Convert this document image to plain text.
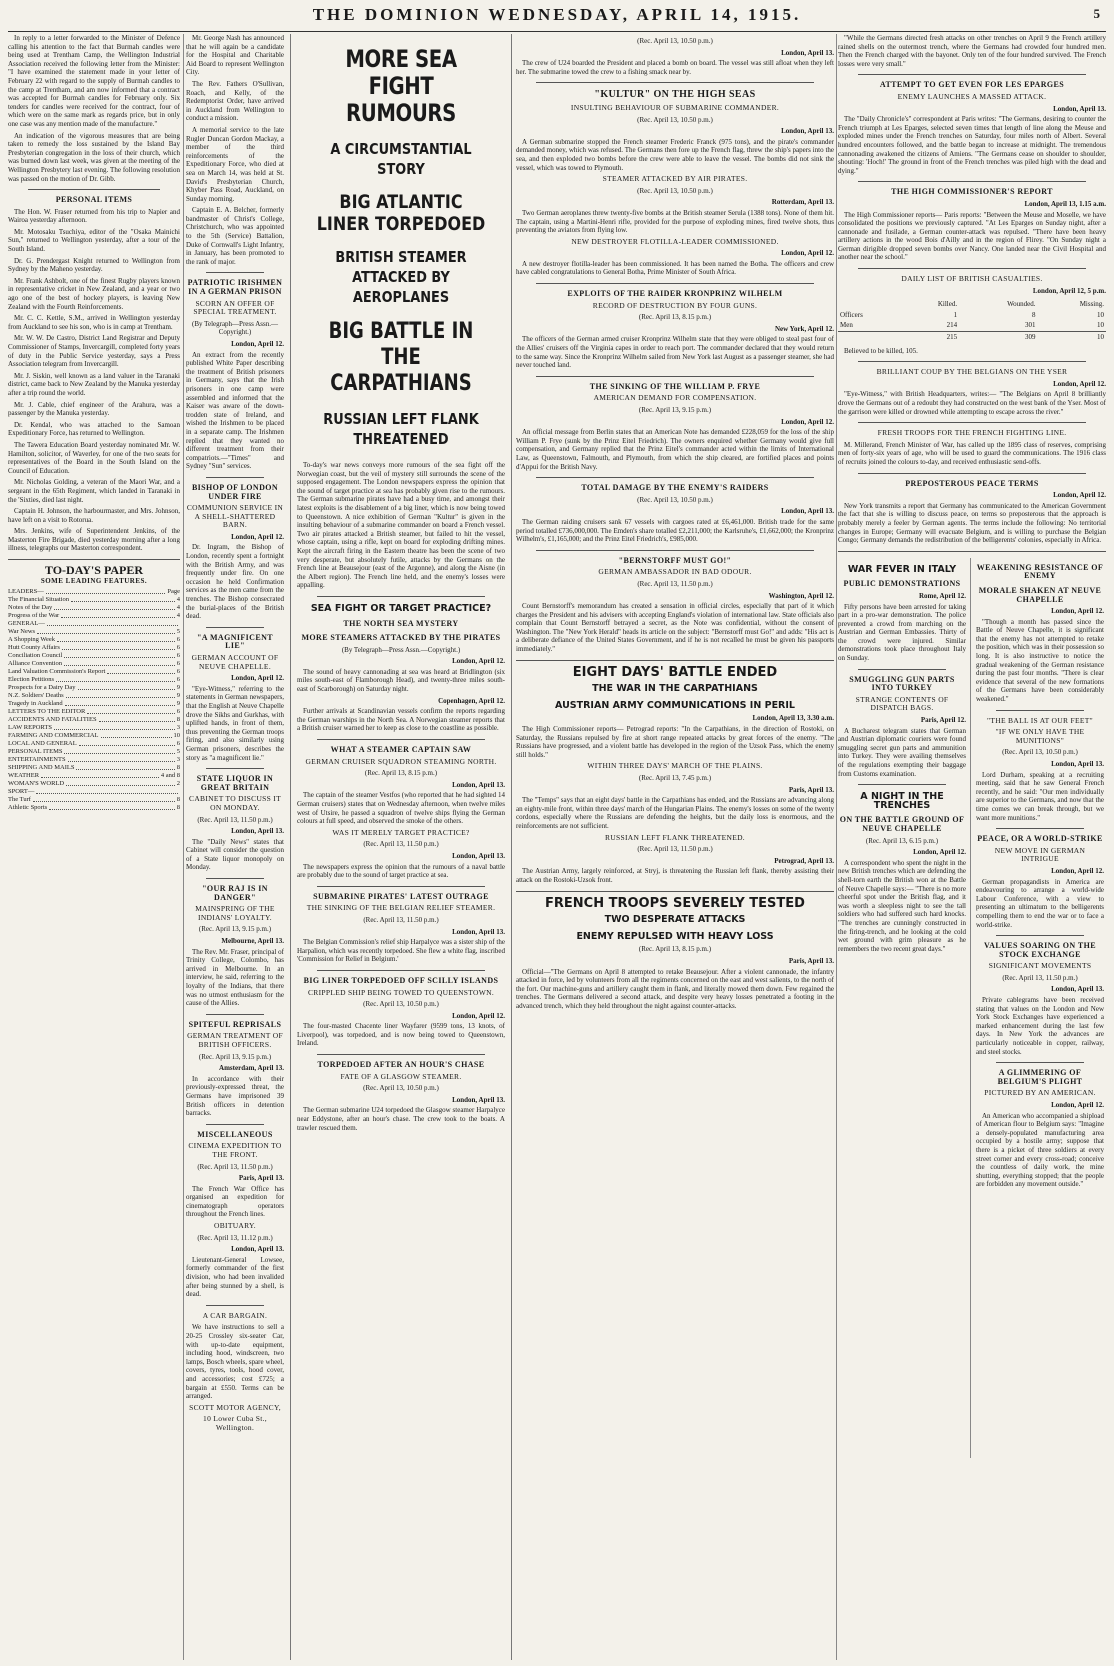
THE DOMINION WEDNESDAY, APRIL 14, 1915.	5

In reply to a letter forwarded to the Minister of Defence calling his attention to the fact that Burmah candles were being used at Trentham Camp, the Wellington Industrial Association received the following letter from the Minister: "I have examined the statement made in your letter of February 22 with regard to the supply of Burmah candles to the camp at Trentham, and am now informed that a contract was accepted for Burmah candles for February only. Six tenders for candles were received for the contract, four of which were on the same mark as regards price, but in only one case was any mention made of the manufacture."

An indication of the vigorous measures that are being taken to remedy the loss sustained by the Island Bay Presbyterian congregation in the loss of their church, which was burned down last week, was given at the meeting of the Wellington Presbytery last evening. The following resolution was passed on the motion of Dr. Gibb.

PERSONAL ITEMS

The Hon. W. Fraser returned from his trip to Napier and Wairoa yesterday afternoon.

Mr. Motosaku Tsuchiya, editor of the "Osaka Mainichi Sun," returned to Wellington yesterday, after a tour of the South Island.

Dr. G. Prendergast Knight returned to Wellington from Sydney by the Maheno yesterday.

Mr. Frank Ashbolt, one of the finest Rugby players known in representative cricket in New Zealand, and a year or two ago one of the best of hockey players, is leaving New Zealand with the Fourth Reinforcements.

Mr. C. C. Kettle, S.M., arrived in Wellington yesterday from Auckland to see his son, who is in camp at Trentham.

Mr. W. W. De Castro, District Land Registrar and Deputy Commissioner of Stamps, Invercargill, completed forty years of duty in the Public Service yesterday, says a Press Association telegram from Invercargill.

Mr. J. Siskin, well known as a land valuer in the Taranaki district, came back to New Zealand by the Manuka yesterday after a trip round the world.

Mr. J. Cable, chief engineer of the Arahura, was a passenger by the Manuka yesterday.

Dr. Kendal, who was attached to the Samoan Expeditionary Force, has returned to Wellington.

The Tawera Education Board yesterday nominated Mr. W. Hamilton, solicitor, of Waverley, for one of the two seats for representatives of the Board in the South Island on the Council of Education.

Mr. Nicholas Golding, a veteran of the Maori War, and a sergeant in the 65th Regiment, which landed in Taranaki in the 'Sixties, died last night.

Captain H. Johnson, the harbourmaster, and Mrs. Johnson, have left on a visit to Rotorua.

Mrs. Jenkins, wife of Superintendent Jenkins, of the Masterton Fire Brigade, died yesterday morning after a long illness, telegraphs our Masterton correspondent.

TO-DAY'S PAPER
SOME LEADING FEATURES.
LEADERS—	Page
The Financial Situation	4
Notes of the Day	4
Progress of the War	4
GENERAL—
War News	5
A Shopping Week	6
Hutt County Affairs	6
Conciliation Council	6
Alliance Convention	6
Land Valuation Commission's Report	6
Election Petitions	6
Prospects for a Dairy Day	9
N.Z. Soldiers' Deaths	9
Tragedy in Auckland	9
LETTERS TO THE EDITOR	6
ACCIDENTS AND FATALITIES	8
LAW REPORTS	3
FARMING AND COMMERCIAL	10
LOCAL AND GENERAL	6
PERSONAL ITEMS	5
ENTERTAINMENTS	3
SHIPPING AND MAILS	8
WEATHER	4 and 8
WOMAN'S WORLD	2
SPORT—
The Turf	8
Athletic Sports	8

Mr. George Nash has announced that he will again be a candidate for the Hospital and Charitable Aid Board to represent Wellington City.

The Rev. Fathers O'Sullivan, Roach, and Kelly, of the Redemptorist Order, have arrived in Auckland from Wellington to conduct a mission.

A memorial service to the late Rugler Duncan Gordon Mackay, a member of the third reinforcements of the Expeditionary Force, who died at sea on March 14, was held at St. David's Presbyterian Church, Khyber Pass Road, Auckland, on Sunday morning.

Captain E. A. Belcher, formerly bandmaster of Christ's College, Christchurch, who was appointed to the 5th (Service) Battalion, Duke of Cornwall's Light Infantry, in January, has been promoted to the rank of major.

PATRIOTIC IRISHMEN IN A GERMAN PRISON
SCORN AN OFFER OF SPECIAL TREATMENT.
(By Telegraph—Press Assn.—Copyright.)
London, April 12.

An extract from the recently published White Paper describing the treatment of British prisoners in Germany, says that the Irish prisoners in one camp were assembled and informed that the Kaiser was aware of the down-trodden state of Ireland, and wished the Irishmen to be placed in a separate camp. The Irishmen replied that they wanted no different treatment from their compatriots.—"Times" and Sydney "Sun" services.

BISHOP OF LONDON UNDER FIRE
COMMUNION SERVICE IN A SHELL-SHATTERED BARN.
London, April 12.

Dr. Ingram, the Bishop of London, recently spent a fortnight with the British Army, and was frequently under fire. On one occasion he held Confirmation services as the men came from the trenches. The Bishop consecrated the burial-places of the British dead.

"A MAGNIFICENT LIE"
GERMAN ACCOUNT OF NEUVE CHAPELLE.
London, April 12.

"Eye-Witness," referring to the statements in German newspapers, that the English at Neuve Chapelle drove the Sikhs and Gurkhas, with uplifted hands, in front of them, thus preventing the German troops firing, and also similarly using German prisoners, describes the story as "a magnificent lie."

STATE LIQUOR IN GREAT BRITAIN
CABINET TO DISCUSS IT ON MONDAY.
(Rec. April 13, 11.50 p.m.)
London, April 13.

The "Daily News" states that Cabinet will consider the question of a State liquor monopoly on Monday.

"OUR RAJ IS IN DANGER"
MAINSPRING OF THE INDIANS' LOYALTY.
(Rec. April 13, 9.15 p.m.)
Melbourne, April 13.

The Rev. Mr. Fraser, principal of Trinity College, Colombo, has arrived in Melbourne. In an interview, he said, referring to the loyalty of the Indians, that there was no utmost enthusiasm for the cause of the Allies.

SPITEFUL REPRISALS
GERMAN TREATMENT OF BRITISH OFFICERS.
(Rec. April 13, 9.15 p.m.)
Amsterdam, April 13.

In accordance with their previously-expressed threat, the Germans have imprisoned 39 British officers in detention barracks.

MISCELLANEOUS
CINEMA EXPEDITION TO THE FRONT.
(Rec. April 13, 11.50 p.m.)
Paris, April 13.

The French War Office has organised an expedition for cinematograph operators throughout the French lines.

OBITUARY.
(Rec. April 13, 11.12 p.m.)
London, April 13.

Lieutenant-General Lowsee, formerly commander of the first division, who had been invalided after being stunned by a shell, is dead.

A CAR BARGAIN.

We have instructions to sell a 20-25 Crossley six-seater Car, with up-to-date equipment, including hood, windscreen, two lamps, Bosch wheels, spare wheel, covers, tyres, tools, hood cover, and accessories; cost £725; a bargain at £550. Terms can be arranged.

SCOTT MOTOR AGENCY,
10 Lower Cuba St., Wellington.
MORE SEA FIGHT RUMOURS
A CIRCUMSTANTIAL STORY
BIG ATLANTIC LINER TORPEDOED
BRITISH STEAMER ATTACKED BY AEROPLANES
BIG BATTLE IN THE CARPATHIANS
RUSSIAN LEFT FLANK THREATENED

To-day's war news conveys more rumours of the sea fight off the Norwegian coast, but the veil of mystery still surrounds the scene of the supposed engagement. The London newspapers express the opinion that the sound of target practice at sea has probably given rise to the rumours. The German submarine pirates have had a busy time, and amongst their latest exploits is the disablement of a big liner, which is now being towed to Queenstown. A nice exhibition of German "Kultur" is given in the insulting behaviour of a submarine commander on board a French vessel. Two air pirates attacked a British steamer, but failed to hit the vessel, whose captain, using a rifle, kept on board for exploding drifting mines. Kept the aircraft firing in the Eastern theatre has been the scene of two very desperate, but absolutely futile, attacks by the Germans on the French line at Beausejour (east of the Argonne), and along the Aisne (in the Albert region). The French line held, and the enemy's losses were appalling.

SEA FIGHT OR TARGET PRACTICE?
THE NORTH SEA MYSTERY
MORE STEAMERS ATTACKED BY THE PIRATES
(By Telegraph—Press Assn.—Copyright.)
London, April 12.

The sound of heavy cannonading at sea was heard at Bridlington (six miles south-east of Flamborough Head), and twenty-three miles south-east of Scarborough) on Saturday night.

Copenhagen, April 12.

Further arrivals at Scandinavian vessels confirm the reports regarding the German warships in the North Sea. A Norwegian steamer reports that a British cruiser warned her to keep as close to the coastline as possible.

WHAT A STEAMER CAPTAIN SAW
GERMAN CRUISER SQUADRON STEAMING NORTH.
(Rec. April 13, 8.15 p.m.)
London, April 13.

The captain of the steamer Vestfos (who reported that he had sighted 14 German cruisers) states that on Wednesday afternoon, when twelve miles west of Utsire, he passed a squadron of twelve ships flying the German colours at full speed, and observed the smoke of the others.

WAS IT MERELY TARGET PRACTICE?
(Rec. April 13, 11.50 p.m.)
London, April 13.

The newspapers express the opinion that the rumours of a naval battle are probably due to the sound of target practice at sea.

SUBMARINE PIRATES' LATEST OUTRAGE
THE SINKING OF THE BELGIAN RELIEF STEAMER.
(Rec. April 13, 11.50 p.m.)
London, April 13.

The Belgian Commission's relief ship Harpalyce was a sister ship of the Harpalion, which was recently torpedoed. She flew a white flag, inscribed 'Commission for Relief in Belgium.'

BIG LINER TORPEDOED OFF SCILLY ISLANDS
CRIPPLED SHIP BEING TOWED TO QUEENSTOWN.
(Rec. April 13, 10.50 p.m.)
London, April 12.

The four-masted Chacente liner Wayfarer (9599 tons, 13 knots, of Liverpool), was torpedoed, and is now being towed to Queenstown, Ireland.

TORPEDOED AFTER AN HOUR'S CHASE
FATE OF A GLASGOW STEAMER.
(Rec. April 13, 10.50 p.m.)
London, April 13.

The German submarine U24 torpedoed the Glasgow steamer Harpalyce near Eddystone, after an hour's chase. The crew took to the boats. A trawler rescued them.

(Rec. April 13, 10.50 p.m.)
London, April 13.

The crew of U24 boarded the President and placed a bomb on board. The vessel was still afloat when they left her. The submarine towed the crew to a fishing smack near by.

"KULTUR" ON THE HIGH SEAS
INSULTING BEHAVIOUR OF SUBMARINE COMMANDER.
(Rec. April 13, 10.50 p.m.)
London, April 13.

A German submarine stopped the French steamer Frederic Franck (975 tons), and the pirate's commander demanded money, which was refused. The Germans then fore up the French flag, threw the ship's papers into the sea, and then exploded two bombs before the crew were able to leave the vessel. The bombs did not sink the vessel, which was towed to Plymouth.

STEAMER ATTACKED BY AIR PIRATES.
(Rec. April 13, 10.50 p.m.)
Rotterdam, April 13.

Two German aeroplanes threw twenty-five bombs at the British steamer Serula (1388 tons). None of them hit. The captain, using a Martini-Henri rifle, provided for the purpose of exploding mines, fired twelve shots, thus preventing the aviators from flying low.

NEW DESTROYER FLOTILLA-LEADER COMMISSIONED.
London, April 12.

A new destroyer flotilla-leader has been commissioned. It has been named the Botha. The officers and crew have cabled congratulations to General Botha, Prime Minister of South Africa.

EXPLOITS OF THE RAIDER KRONPRINZ WILHELM
RECORD OF DESTRUCTION BY FOUR GUNS.
(Rec. April 13, 8.15 p.m.)
New York, April 12.

The officers of the German armed cruiser Kronprinz Wilhelm state that they were obliged to steal past four of the Allies' cruisers off the Virginia capes in order to reach port. The commander declared that they would return to the same way. Since the Kronprinz Wilhelm sailed from New York last August as a passenger steamer, she had never touched land.

THE SINKING OF THE WILLIAM P. FRYE
AMERICAN DEMAND FOR COMPENSATION.
(Rec. April 13, 9.15 p.m.)
London, April 12.

An official message from Berlin states that an American Note has demanded £228,059 for the loss of the ship William P. Frye (sunk by the Prinz Eitel Friedrich). The owners enquired whether Germany would give full compensation, and Germany replied that the Prinz Eitel's commander acted within the limits of International Law, as Queenstown, Falmouth, and Plymouth, from which the ship cleared, are fortified places and points d'Appui for the British Navy.

TOTAL DAMAGE BY THE ENEMY'S RAIDERS
(Rec. April 13, 10.50 p.m.)
London, April 13.

The German raiding cruisers sank 67 vessels with cargoes rated at £6,461,000. British trade for the same period totalled £736,000,000. The Emden's share totalled £2,211,000; the Karlsruhe's, £1,662,000; the Kronprinz Wilhelm's, £1,165,000; and the Prinz Eitel Friedrich's, £985,000.

"BERNSTORFF MUST GO!"
GERMAN AMBASSADOR IN BAD ODOUR.
(Rec. April 13, 11.50 p.m.)
Washington, April 12.

Count Bernstorff's memorandum has created a sensation in official circles, especially that part of it which charges the President and his advisers with accepting England's violation of international law. State officials also complain that Count Bernstorff betrayed a secret, as the Note was confidential, without the consent of Washington. The "New York Herald" heads its article on the subject: "Bernstorff must Go!" and adds: "His act is a deliberate defiance of the United States Government, and if he is not recalled he must be given his passports immediately."

EIGHT DAYS' BATTLE ENDED
THE WAR IN THE CARPATHIANS
AUSTRIAN ARMY COMMUNICATIONS IN PERIL
London, April 13, 3.30 a.m.

The High Commissioner reports— Petrograd reports: "In the Carpathians, in the direction of Rostoki, on Saturday, the Russians repulsed by fire at short range repeated attacks by great forces of the enemy. "The Russians have progressed, and a violent battle has developed in the region of the Uzsok Pass, which the enemy still holds."

WITHIN THREE DAYS' MARCH OF THE PLAINS.
(Rec. April 13, 7.45 p.m.)
Paris, April 13.

The "Temps" says that an eight days' battle in the Carpathians has ended, and the Russians are advancing along an eighty-mile front, within three days' march of the Hungarian Plains. The enemy's losses on some of the twenty cordons, especially where the Russians are defending the heights, but the daily loss is enormous, and the reinforcements are not sufficient.

RUSSIAN LEFT FLANK THREATENED.
(Rec. April 13, 11.50 p.m.)
Petrograd, April 13.

The Austrian Army, largely reinforced, at Stryj, is threatening the Russian left flank, thereby assisting their attack on the Rostoki-Uzsok front.

FRENCH TROOPS SEVERELY TESTED
TWO DESPERATE ATTACKS
ENEMY REPULSED WITH HEAVY LOSS
(Rec. April 13, 8.15 p.m.)
Paris, April 13.

Official—"The Germans on April 8 attempted to retake Beausejour. After a violent cannonade, the infantry attacked in force, led by volunteers from all the regiments concerned on the east and west salients, to the north of the fort. Our machine-guns and artillery caught them in flank, and literally mowed them down. Few regained the trenches. The Germans delivered a second attack, and despite very heavy losses penetrated a footing in the advanced trench, which they held throughout the night against counter-attacks.

"While the Germans directed fresh attacks on other trenches on April 9 the French artillery rained shells on the outermost trench, where the Germans had crowded four hundred men. Then the French charged with the bayonet. Only ten of the four hundred survived. The French losses were very small."

ATTEMPT TO GET EVEN FOR LES EPARGES
ENEMY LAUNCHES A MASSED ATTACK.
London, April 13.

The "Daily Chronicle's" correspondent at Paris writes: "The Germans, desiring to counter the French triumph at Les Eparges, selected seven times that length of line along the Meuse and exploded mines under the French trenches on Saturday, four miles north of Albert. Several hundred encounters followed, and the battle began to increase at midnight. The tremendous cannonading awakened the citizens of Amiens. "The Germans cease on shoulder to shoulder, shouting: 'Hoch!' The ground in front of the French trenches was piled high with the dead and dying."

THE HIGH COMMISSIONER'S REPORT
London, April 13, 1.15 a.m.

The High Commissioner reports— Paris reports: "Between the Meuse and Moselle, we have consolidated the positions we previously captured. "At Les Eparges on Sunday night, after a cannonade and fusilade, a German counter-attack was repulsed. "There have been heavy artillery actions in the wood Bois d'Ailly and in the region of Flirey. "On Sunday night a German dirigible dropped seven bombs over Nancy. One landed near the Civil Hospital and another near the school."

DAILY LIST OF BRITISH CASUALTIES.
London, April 12, 5 p.m.
	Killed.	Wounded.	Missing.
Officers	1	8	10
Men	214	301	10
	215	309	10

Believed to be killed, 105.

BRILLIANT COUP BY THE BELGIANS ON THE YSER
London, April 12.

"Eye-Witness," with British Headquarters, writes:— "The Belgians on April 8 brilliantly drove the Germans out of a redoubt they had constructed on the west bank of the Yser. Most of the garrison were killed or drowned while attempting to escape across the river."

FRESH TROOPS FOR THE FRENCH FIGHTING LINE.

M. Millerand, French Minister of War, has called up the 1895 class of reserves, comprising men of forty-six years of age, who will be used to guard the communications. The 1916 class of recruits joined the colours to-day, and received enthusiastic send-offs.

PREPOSTEROUS PEACE TERMS
London, April 12.

New York transmits a report that Germany has communicated to the American Government the fact that she is willing to discuss peace, on terms so preposterous that the approach is probably merely a feeler by German agents. The terms include the following: No territorial changes in Europe; Germany will evacuate Belgium, and is willing to purchase the Belgian Congo; Germany demands the redistribution of the belligerents' colonies, especially in Africa.

WAR FEVER IN ITALY
PUBLIC DEMONSTRATIONS
Rome, April 12.

Fifty persons have been arrested for taking part in a pro-war demonstration. The police prevented a crowd from marching on the Austrian and German Embassies. Thirty of the crowd were injured. Similar demonstrations took place throughout Italy on Sunday.

SMUGGLING GUN PARTS INTO TURKEY
STRANGE CONTENTS OF DISPATCH BAGS.
Paris, April 12.

A Bucharest telegram states that German and Austrian diplomatic couriers were found smuggling secret gun parts and ammunition into Turkey. They were availing themselves of the regulations exempting their baggage from Customs examination.

A NIGHT IN THE TRENCHES
ON THE BATTLE GROUND OF NEUVE CHAPELLE
(Rec. April 13, 6.15 p.m.)
London, April 12.

A correspondent who spent the night in the new British trenches which are defending the shell-torn earth the British won at the Battle of Neuve Chapelle says:— "There is no more cheerful spot under the British flag, and it was worth a sleepless night to see the tall soldiers who had suffered such hard knocks. "The trenches are cunningly constructed in the firing-trench, and he looking at the cold wet ground with grim pleasure as he remembers the two recent great days."

WEAKENING RESISTANCE OF ENEMY
MORALE SHAKEN AT NEUVE CHAPELLE
London, April 12.

"Though a month has passed since the Battle of Neuve Chapelle, it is significant that the enemy has not attempted to retake the position, which was in their possession so long. It is also instructive to notice the gradual weakening of the German resistance during the past four months. "There is clear evidence that several of the new formations of the Germans have been considerably weakened."

"THE BALL IS AT OUR FEET"
"IF WE ONLY HAVE THE MUNITIONS"
(Rec. April 13, 10.50 p.m.)
London, April 13.

Lord Durham, speaking at a recruiting meeting, said that he saw General French recently, and he said: "Our men individually are superior to the Germans, and now that the time comes we can break through, but we want more munitions."

PEACE, OR A WORLD-STRIKE
NEW MOVE IN GERMAN INTRIGUE
London, April 12.

German propagandists in America are endeavouring to arrange a world-wide Labour Conference, with a view to presenting an ultimatum to the belligerents compelling them to end the war or to face a world-strike.

VALUES SOARING ON THE STOCK EXCHANGE
SIGNIFICANT MOVEMENTS
(Rec. April 13, 11.50 p.m.)
London, April 13.

Private cablegrams have been received stating that values on the London and New York Stock Exchanges have experienced a marked enhancement during the last few days. In New York the advances are particularly noticeable in copper, railway, and steel stocks.

A GLIMMERING OF BELGIUM'S PLIGHT
PICTURED BY AN AMERICAN.
London, April 12.

An American who accompanied a shipload of American flour to Belgium says: "Imagine a densely-populated manufacturing area occupied by a hostile army; suppose that there is a picket of three soldiers at every street corner and every cross-road; conceive the countless of daily work, the mine shutting, everything stopped; that the people are forbidden any movement outside."
